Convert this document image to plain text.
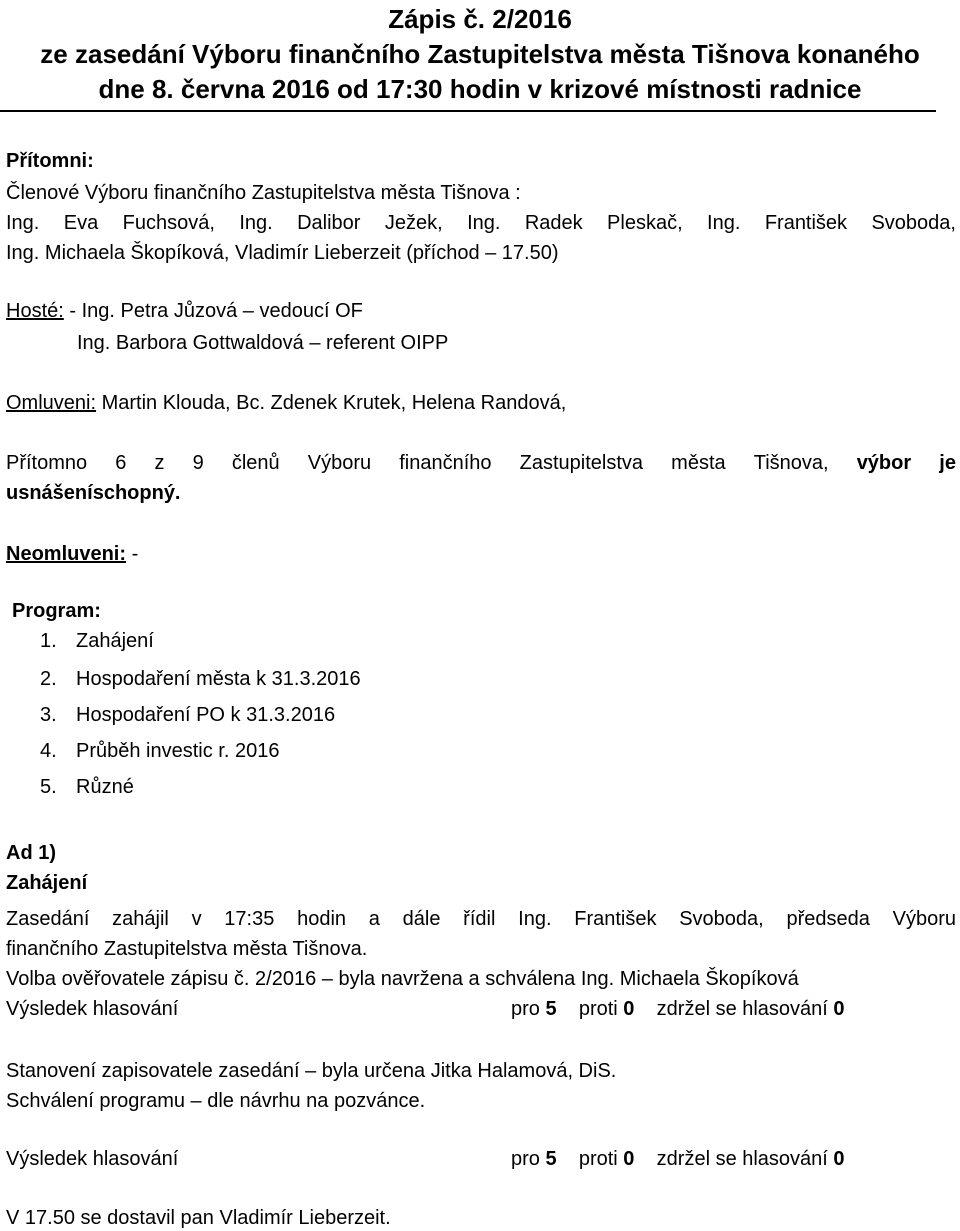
Zápis č. 2/2016
ze zasedání Výboru finančního Zastupitelstva města Tišnova konaného
dne 8. června 2016 od 17:30 hodin v krizové místnosti radnice
Přítomni:
Členové Výboru finančního Zastupitelstva města Tišnova :
Ing. Eva Fuchsová, Ing. Dalibor Ježek, Ing. Radek Pleskač, Ing. František Svoboda,
Ing. Michaela Škopíková, Vladimír Lieberzeit (příchod – 17.50)
Hosté: - Ing. Petra Jůzová – vedoucí OF
Ing. Barbora Gottwaldová – referent OIPP
Omluveni: Martin Klouda, Bc. Zdenek Krutek, Helena Randová,
Přítomno 6 z 9 členů Výboru finančního Zastupitelstva města Tišnova, výbor je
usnášeníschopný.
Neomluveni: -
Program:
1. Zahájení
2. Hospodaření města k 31.3.2016
3. Hospodaření PO k 31.3.2016
4. Průběh investic r. 2016
5. Různé
Ad 1)
Zahájení
Zasedání zahájil v 17:35 hodin a dále řídil Ing. František Svoboda, předseda Výboru
finančního Zastupitelstva města Tišnova.
Volba ověřovatele zápisu č. 2/2016 – byla navržena a schválena Ing. Michaela Škopíková
Výsledek hlasování	pro 5 proti 0 zdržel se hlasování 0
Stanovení zapisovatele zasedání – byla určena Jitka Halamová, DiS.
Schválení programu – dle návrhu na pozvánce.
Výsledek hlasování	pro 5 proti 0 zdržel se hlasování 0
V 17.50 se dostavil pan Vladimír Lieberzeit.
